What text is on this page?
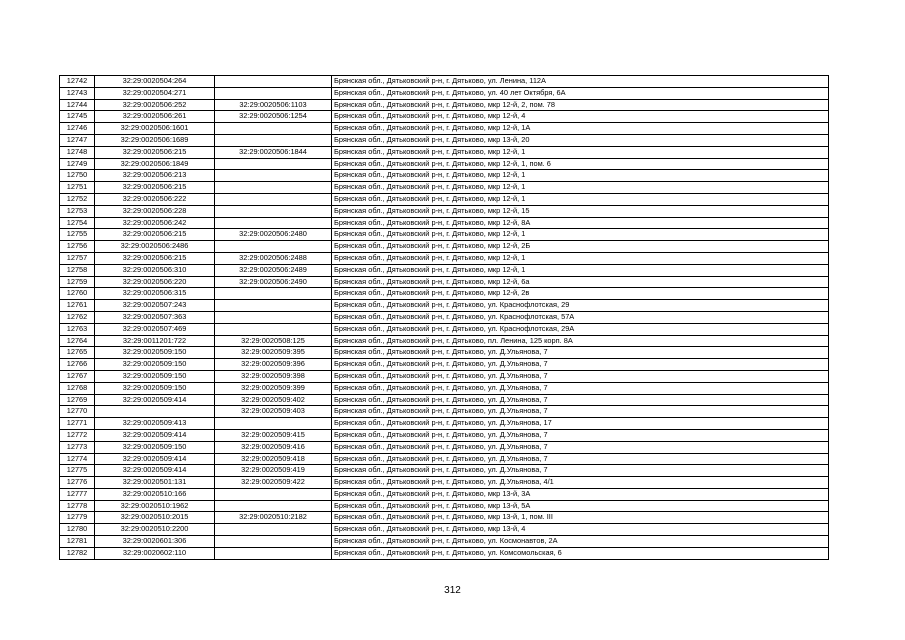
12742	32:29:0020504:264		Брянская обл., Дятьковский р-н, г. Дятьково, ул. Ленина, 112А
12743	32:29:0020504:271		Брянская обл., Дятьковский р-н, г. Дятьково, ул. 40 лет Октября, 6А
12744	32:29:0020506:252	32:29:0020506:1103	Брянская обл., Дятьковский р-н, г. Дятьково, мкр 12-й, 2, пом. 78
12745	32:29:0020506:261	32:29:0020506:1254	Брянская обл., Дятьковский р-н, г. Дятьково, мкр 12-й, 4
12746	32:29:0020506:1601		Брянская обл., Дятьковский р-н, г. Дятьково, мкр 12-й, 1А
12747	32:29:0020506:1689		Брянская обл., Дятьковский р-н, г. Дятьково, мкр 13-й, 20
12748	32:29:0020506:215	32:29:0020506:1844	Брянская обл., Дятьковский р-н, г. Дятьково, мкр 12-й, 1
12749	32:29:0020506:1849		Брянская обл., Дятьковский р-н, г. Дятьково, мкр 12-й, 1, пом. 6
12750	32:29:0020506:213		Брянская обл., Дятьковский р-н, г. Дятьково, мкр 12-й, 1
12751	32:29:0020506:215		Брянская обл., Дятьковский р-н, г. Дятьково, мкр 12-й, 1
12752	32:29:0020506:222		Брянская обл., Дятьковский р-н, г. Дятьково, мкр 12-й, 1
12753	32:29:0020506:228		Брянская обл., Дятьковский р-н, г. Дятьково, мкр 12-й, 15
12754	32:29:0020506:242		Брянская обл., Дятьковский р-н, г. Дятьково, мкр 12-й, 8А
12755	32:29:0020506:215	32:29:0020506:2480	Брянская обл., Дятьковский р-н, г. Дятьково, мкр 12-й, 1
12756	32:29:0020506:2486		Брянская обл., Дятьковский р-н, г. Дятьково, мкр 12-й, 2Б
12757	32:29:0020506:215	32:29:0020506:2488	Брянская обл., Дятьковский р-н, г. Дятьково, мкр 12-й, 1
12758	32:29:0020506:310	32:29:0020506:2489	Брянская обл., Дятьковский р-н, г. Дятьково, мкр 12-й, 1
12759	32:29:0020506:220	32:29:0020506:2490	Брянская обл., Дятьковский р-н, г. Дятьково, мкр 12-й, 6а
12760	32:29:0020506:315		Брянская обл., Дятьковский р-н, г. Дятьково, мкр 12-й, 2в
12761	32:29:0020507:243		Брянская обл., Дятьковский р-н, г. Дятьково, ул. Краснофлотская, 29
12762	32:29:0020507:363		Брянская обл., Дятьковский р-н, г. Дятьково, ул. Краснофлотская, 57А
12763	32:29:0020507:469		Брянская обл., Дятьковский р-н, г. Дятьково, ул. Краснофлотская, 29А
12764	32:29:0011201:722	32:29:0020508:125	Брянская обл., Дятьковский р-н, г. Дятьково, пл. Ленина, 125 корп. 8А
12765	32:29:0020509:150	32:29:0020509:395	Брянская обл., Дятьковский р-н, г. Дятьково, ул. Д.Ульянова, 7
12766	32:29:0020509:150	32:29:0020509:396	Брянская обл., Дятьковский р-н, г. Дятьково, ул. Д.Ульянова, 7
12767	32:29:0020509:150	32:29:0020509:398	Брянская обл., Дятьковский р-н, г. Дятьково, ул. Д.Ульянова, 7
12768	32:29:0020509:150	32:29:0020509:399	Брянская обл., Дятьковский р-н, г. Дятьково, ул. Д.Ульянова, 7
12769	32:29:0020509:414	32:29:0020509:402	Брянская обл., Дятьковский р-н, г. Дятьково, ул. Д.Ульянова, 7
12770		32:29:0020509:403	Брянская обл., Дятьковский р-н, г. Дятьково, ул. Д.Ульянова, 7
12771	32:29:0020509:413		Брянская обл., Дятьковский р-н, г. Дятьково, ул. Д.Ульянова, 17
12772	32:29:0020509:414	32:29:0020509:415	Брянская обл., Дятьковский р-н, г. Дятьково, ул. Д.Ульянова, 7
12773	32:29:0020509:150	32:29:0020509:416	Брянская обл., Дятьковский р-н, г. Дятьково, ул. Д.Ульянова, 7
12774	32:29:0020509:414	32:29:0020509:418	Брянская обл., Дятьковский р-н, г. Дятьково, ул. Д.Ульянова, 7
12775	32:29:0020509:414	32:29:0020509:419	Брянская обл., Дятьковский р-н, г. Дятьково, ул. Д.Ульянова, 7
12776	32:29:0020501:131	32:29:0020509:422	Брянская обл., Дятьковский р-н, г. Дятьково, ул. Д.Ульянова, 4/1
12777	32:29:0020510:166		Брянская обл., Дятьковский р-н, г. Дятьково, мкр 13-й, 3А
12778	32:29:0020510:1962		Брянская обл., Дятьковский р-н, г. Дятьково, мкр 13-й, 5А
12779	32:29:0020510:2015	32:29:0020510:2182	Брянская обл., Дятьковский р-н, г. Дятьково, мкр 13-й, 1, пом. III
12780	32:29:0020510:2200		Брянская обл., Дятьковский р-н, г. Дятьково, мкр 13-й, 4
12781	32:29:0020601:306		Брянская обл., Дятьковский р-н, г. Дятьково, ул. Космонавтов, 2А
12782	32:29:0020602:110		Брянская обл., Дятьковский р-н, г. Дятьково, ул. Комсомольская, 6
312
